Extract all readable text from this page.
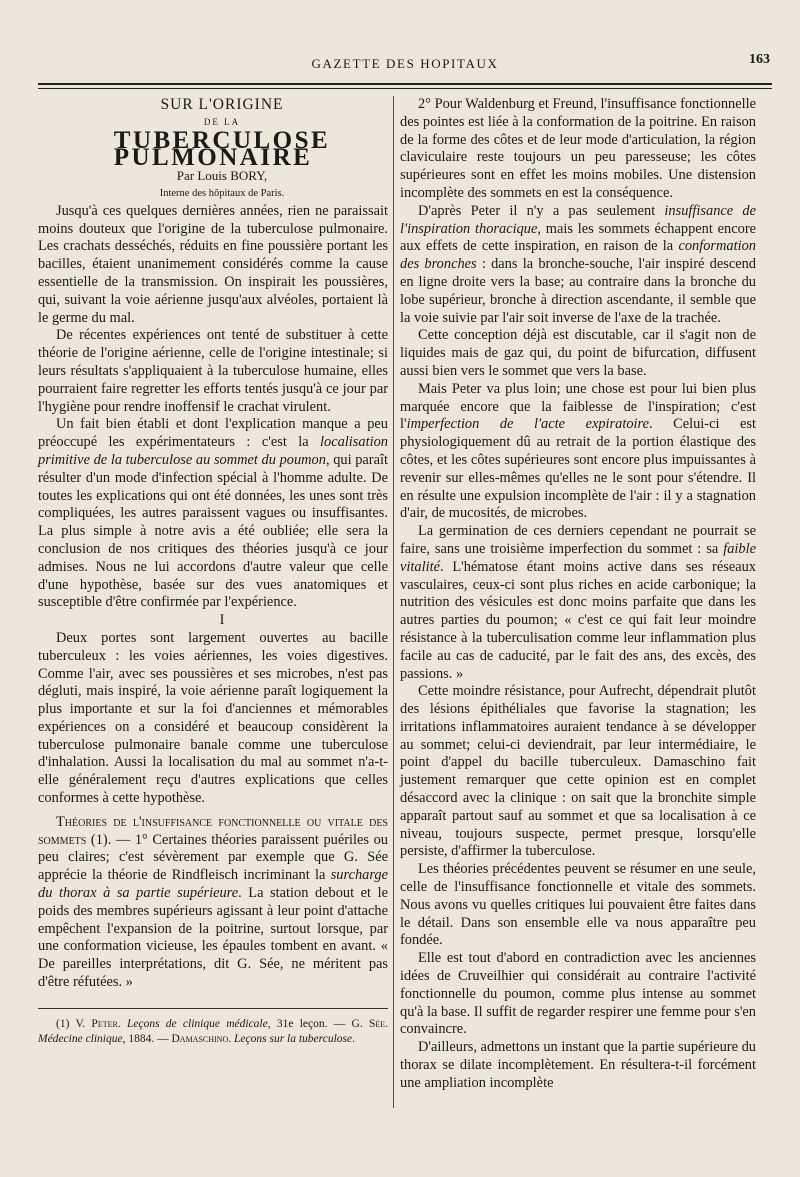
GAZETTE DES HOPITAUX	163

SUR L'ORIGINE

DE LA

TUBERCULOSE PULMONAIRE

Par Louis BORY,

Interne des hôpitaux de Paris.

Jusqu'à ces quelques dernières années, rien ne paraissait moins douteux que l'origine de la tuberculose pulmonaire. Les crachats desséchés, réduits en fine poussière portant les bacilles, étaient unanimement considérés comme la cause essentielle de la transmission. On inspirait les poussières, qui, suivant la voie aérienne jusqu'aux alvéoles, portaient là le germe du mal.

De récentes expériences ont tenté de substituer à cette théorie de l'origine aérienne, celle de l'origine intestinale; si leurs résultats s'appliquaient à la tuberculose humaine, elles pourraient faire regretter les efforts tentés jusqu'à ce jour par l'hygiène pour rendre inoffensif le crachat virulent.

Un fait bien établi et dont l'explication manque a peu préoccupé les expérimentateurs : c'est la localisation primitive de la tuberculose au sommet du poumon, qui paraît résulter d'un mode d'infection spécial à l'homme adulte. De toutes les explications qui ont été données, les unes sont très compliquées, les autres paraissent vagues ou insuffisantes. La plus simple à notre avis a été oubliée; elle sera la conclusion de nos critiques des théories jusqu'à ce jour admises. Nous ne lui accordons d'autre valeur que celle d'une hypothèse, basée sur des vues anatomiques et susceptible d'être confirmée par l'expérience.

I

Deux portes sont largement ouvertes au bacille tuberculeux : les voies aériennes, les voies digestives. Comme l'air, avec ses poussières et ses microbes, n'est pas dégluti, mais inspiré, la voie aérienne paraît logiquement la plus importante et sur la foi d'anciennes et mémorables expériences on a considéré et beaucoup considèrent la tuberculose pulmonaire banale comme une tuberculose d'inhalation. Aussi la localisation du mal au sommet n'a-t-elle généralement reçu d'autres explications que celles conformes à cette hypothèse.

Théories de l'insuffisance fonctionnelle ou vitale des sommets (1). — 1° Certaines théories paraissent puériles ou peu claires; c'est sévèrement par exemple que G. Sée apprécie la théorie de Rindfleisch incriminant la surcharge du thorax à sa partie supérieure. La station debout et le poids des membres supérieurs agissant à leur point d'attache empêchent l'expansion de la poitrine, surtout lorsque, par une conformation vicieuse, les épaules tombent en avant. « De pareilles interprétations, dit G. Sée, ne méritent pas d'être réfutées. »

(1) V. Peter. Leçons de clinique médicale, 31e leçon. — G. Sée. Médecine clinique, 1884. — Damaschino. Leçons sur la tuberculose.

2° Pour Waldenburg et Freund, l'insuffisance fonctionnelle des pointes est liée à la conformation de la poitrine. En raison de la forme des côtes et de leur mode d'articulation, la région claviculaire reste toujours un peu paresseuse; les côtes supérieures sont en effet les moins mobiles. Une distension incomplète des sommets en est la conséquence.

D'après Peter il n'y a pas seulement insuffisance de l'inspiration thoracique, mais les sommets échappent encore aux effets de cette inspiration, en raison de la conformation des bronches : dans la bronche-souche, l'air inspiré descend en ligne droite vers la base; au contraire dans la bronche du lobe supérieur, bronche à direction ascendante, il semble que la voie suivie par l'air soit inverse de l'axe de la trachée.

Cette conception déjà est discutable, car il s'agit non de liquides mais de gaz qui, du point de bifurcation, diffusent aussi bien vers le sommet que vers la base.

Mais Peter va plus loin; une chose est pour lui bien plus marquée encore que la faiblesse de l'inspiration; c'est l'imperfection de l'acte expiratoire. Celui-ci est physiologiquement dû au retrait de la portion élastique des côtes, et les côtes supérieures sont encore plus impuissantes à revenir sur elles-mêmes qu'elles ne le sont pour s'étendre. Il en résulte une expulsion incomplète de l'air : il y a stagnation d'air, de mucosités, de microbes.

La germination de ces derniers cependant ne pourrait se faire, sans une troisième imperfection du sommet : sa faible vitalité. L'hématose étant moins active dans ses réseaux vasculaires, ceux-ci sont plus riches en acide carbonique; la nutrition des vésicules est donc moins parfaite que dans les autres parties du poumon; « c'est ce qui fait leur moindre résistance à la tuberculisation comme leur inflammation plus facile au cas de caducité, par le fait des ans, des excès, des passions. »

Cette moindre résistance, pour Aufrecht, dépendrait plutôt des lésions épithéliales que favorise la stagnation; les irritations inflammatoires auraient tendance à se développer au sommet; celui-ci deviendrait, par leur intermédiaire, le point d'appel du bacille tuberculeux. Damaschino fait justement remarquer que cette opinion est en complet désaccord avec la clinique : on sait que la bronchite simple apparaît partout sauf au sommet et que sa localisation à ce niveau, toujours suspecte, permet presque, lorsqu'elle persiste, d'affirmer la tuberculose.

Les théories précédentes peuvent se résumer en une seule, celle de l'insuffisance fonctionnelle et vitale des sommets. Nous avons vu quelles critiques lui pouvaient être faites dans le détail. Dans son ensemble elle va nous apparaître peu fondée.

Elle est tout d'abord en contradiction avec les anciennes idées de Cruveilhier qui considérait au contraire l'activité fonctionnelle du poumon, comme plus intense au sommet qu'à la base. Il suffit de regarder respirer une femme pour s'en convaincre.

D'ailleurs, admettons un instant que la partie supérieure du thorax se dilate incomplètement. En résultera-t-il forcément une ampliation incomplète
